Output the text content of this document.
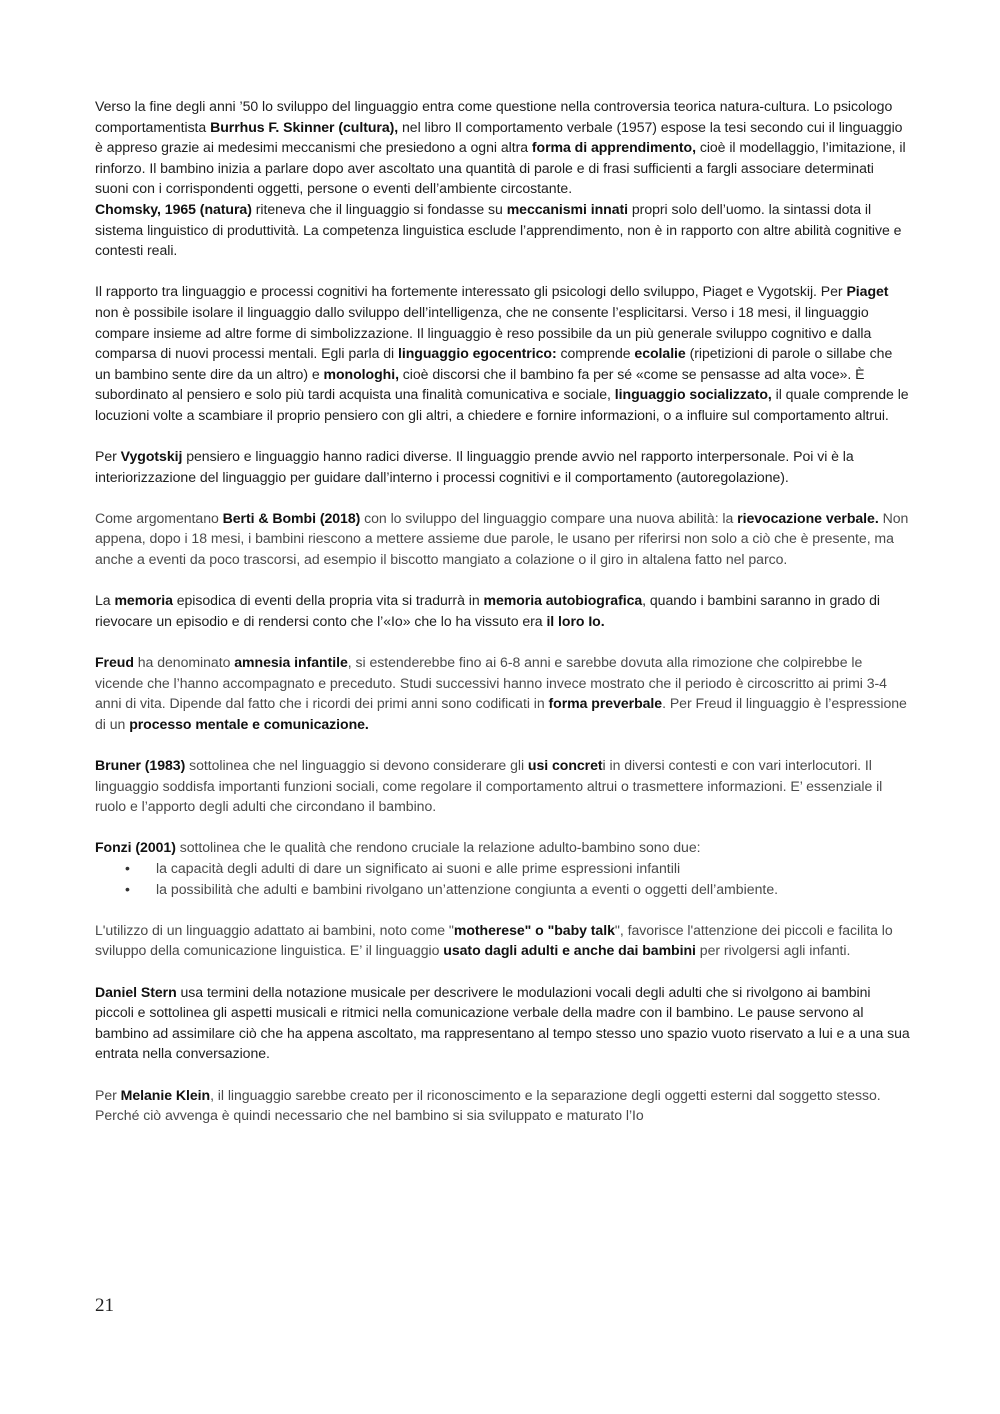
Verso la fine degli anni ’50 lo sviluppo del linguaggio entra come questione nella controversia teorica natura-cultura. Lo psicologo comportamentista Burrhus F. Skinner (cultura), nel libro Il comportamento verbale (1957) espose la tesi secondo cui il linguaggio è appreso grazie ai medesimi meccanismi che presiedono a ogni altra forma di apprendimento, cioè il modellaggio, l’imitazione, il rinforzo. Il bambino inizia a parlare dopo aver ascoltato una quantità di parole e di frasi sufficienti a fargli associare determinati suoni con i corrispondenti oggetti, persone o eventi dell’ambiente circostante.

Chomsky, 1965 (natura) riteneva che il linguaggio si fondasse su meccanismi innati propri solo dell’uomo. la sintassi dota il sistema linguistico di produttività. La competenza linguistica esclude l’apprendimento, non è in rapporto con altre abilità cognitive e contesti reali.

Il rapporto tra linguaggio e processi cognitivi ha fortemente interessato gli psicologi dello sviluppo, Piaget e Vygotskij. Per Piaget non è possibile isolare il linguaggio dallo sviluppo dell’intelligenza, che ne consente l’esplicitarsi. Verso i 18 mesi, il linguaggio compare insieme ad altre forme di simbolizzazione. Il linguaggio è reso possibile da un più generale sviluppo cognitivo e dalla comparsa di nuovi processi mentali. Egli parla di linguaggio egocentrico: comprende ecolalie (ripetizioni di parole o sillabe che un bambino sente dire da un altro) e monologhi, cioè discorsi che il bambino fa per sé «come se pensasse ad alta voce». È subordinato al pensiero e solo più tardi acquista una finalità comunicativa e sociale, linguaggio socializzato, il quale comprende le locuzioni volte a scambiare il proprio pensiero con gli altri, a chiedere e fornire informazioni, o a influire sul comportamento altrui.

Per Vygotskij pensiero e linguaggio hanno radici diverse. Il linguaggio prende avvio nel rapporto interpersonale. Poi vi è la interiorizzazione del linguaggio per guidare dall’interno i processi cognitivi e il comportamento (autoregolazione).

Come argomentano Berti & Bombi (2018) con lo sviluppo del linguaggio compare una nuova abilità: la rievocazione verbale. Non appena, dopo i 18 mesi, i bambini riescono a mettere assieme due parole, le usano per riferirsi non solo a ciò che è presente, ma anche a eventi da poco trascorsi, ad esempio il biscotto mangiato a colazione o il giro in altalena fatto nel parco.

La memoria episodica di eventi della propria vita si tradurrà in memoria autobiografica, quando i bambini saranno in grado di rievocare un episodio e di rendersi conto che l’«Io» che lo ha vissuto era il loro Io.

Freud ha denominato amnesia infantile, si estenderebbe fino ai 6-8 anni e sarebbe dovuta alla rimozione che colpirebbe le vicende che l’hanno accompagnato e preceduto. Studi successivi hanno invece mostrato che il periodo è circoscritto ai primi 3-4 anni di vita. Dipende dal fatto che i ricordi dei primi anni sono codificati in forma preverbale. Per Freud il linguaggio è l’espressione di un processo mentale e comunicazione.

Bruner (1983) sottolinea che nel linguaggio si devono considerare gli usi concreti in diversi contesti e con vari interlocutori. Il linguaggio soddisfa importanti funzioni sociali, come regolare il comportamento altrui o trasmettere informazioni. E’ essenziale il ruolo e l’apporto degli adulti che circondano il bambino.

Fonzi (2001) sottolinea che le qualità che rendono cruciale la relazione adulto-bambino sono due:

• la capacità degli adulti di dare un significato ai suoni e alle prime espressioni infantili
• la possibilità che adulti e bambini rivolgano un’attenzione congiunta a eventi o oggetti dell’ambiente.

L'utilizzo di un linguaggio adattato ai bambini, noto come "motherese" o "baby talk", favorisce l'attenzione dei piccoli e facilita lo sviluppo della comunicazione linguistica. E’ il linguaggio usato dagli adulti e anche dai bambini per rivolgersi agli infanti.

Daniel Stern usa termini della notazione musicale per descrivere le modulazioni vocali degli adulti che si rivolgono ai bambini piccoli e sottolinea gli aspetti musicali e ritmici nella comunicazione verbale della madre con il bambino. Le pause servono al bambino ad assimilare ciò che ha appena ascoltato, ma rappresentano al tempo stesso uno spazio vuoto riservato a lui e a una sua entrata nella conversazione.

Per Melanie Klein, il linguaggio sarebbe creato per il riconoscimento e la separazione degli oggetti esterni dal soggetto stesso. Perché ciò avvenga è quindi necessario che nel bambino si sia sviluppato e maturato l’Io

21
